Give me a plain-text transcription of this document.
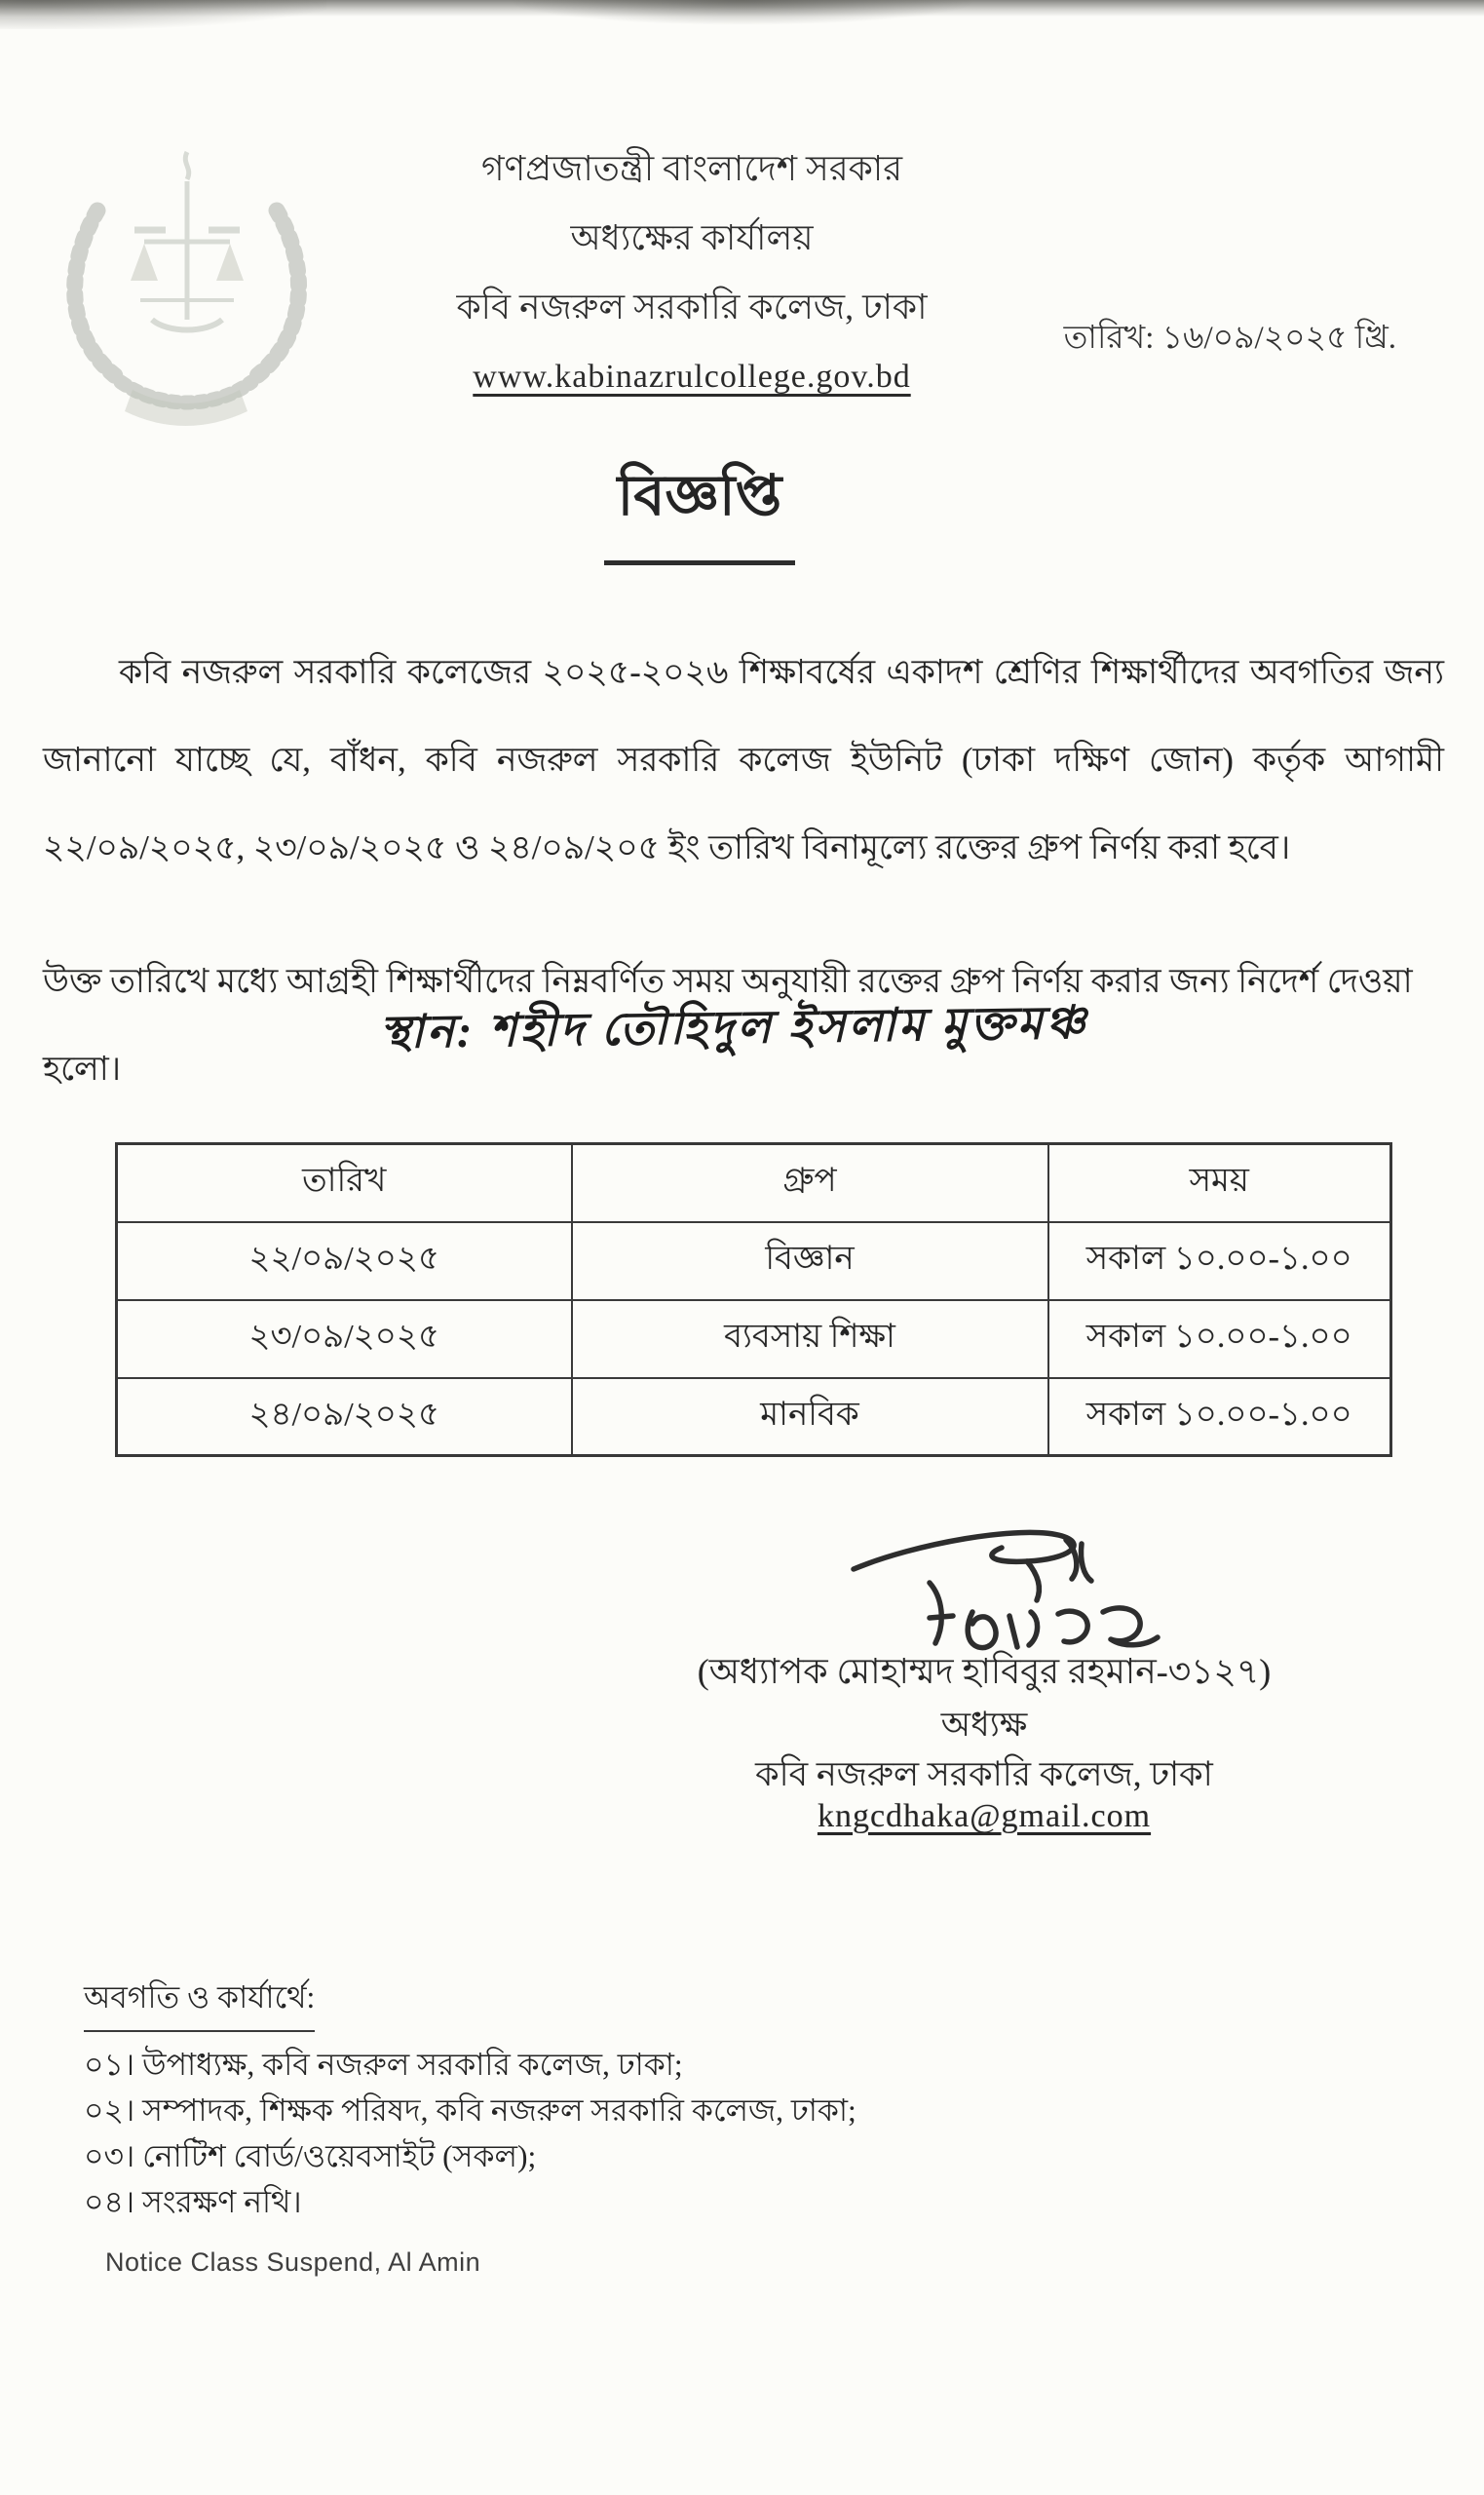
গণপ্রজাতন্ত্রী বাংলাদেশ সরকার
অধ্যক্ষের কার্যালয়
কবি নজরুল সরকারি কলেজ, ঢাকা
www.kabinazrulcollege.gov.bd
তারিখ: ১৬/০৯/২০২৫ খ্রি.
বিজ্ঞপ্তি
কবি নজরুল সরকারি কলেজের ২০২৫-২০২৬ শিক্ষাবর্ষের একাদশ শ্রেণির শিক্ষার্থীদের অবগতির জন্য জানানো যাচ্ছে যে, বাঁধন, কবি নজরুল সরকারি কলেজ ইউনিট (ঢাকা দক্ষিণ জোন) কর্তৃক আগামী ২২/০৯/২০২৫, ২৩/০৯/২০২৫ ও ২৪/০৯/২০৫ ইং তারিখ বিনামূল্যে রক্তের গ্রুপ নির্ণয় করা হবে।
উক্ত তারিখে মধ্যে আগ্রহী শিক্ষার্থীদের নিম্নবর্ণিত সময় অনুযায়ী রক্তের গ্রুপ নির্ণয় করার জন্য নিদের্শ দেওয়া হলো।
স্থান: শহীদ তৌহিদুল ইসলাম মুক্তমঞ্চ
তারিখ	গ্রুপ	সময়
২২/০৯/২০২৫	বিজ্ঞান	সকাল ১০.০০-১.০০
২৩/০৯/২০২৫	ব্যবসায় শিক্ষা	সকাল ১০.০০-১.০০
২৪/০৯/২০২৫	মানবিক	সকাল ১০.০০-১.০০
(অধ্যাপক মোহাম্মদ হাবিবুর রহমান-৩১২৭)
অধ্যক্ষ
কবি নজরুল সরকারি কলেজ, ঢাকা
kngcdhaka@gmail.com
অবগতি ও কার্যার্থে:
০১। উপাধ্যক্ষ, কবি নজরুল সরকারি কলেজ, ঢাকা;
০২। সম্পাদক, শিক্ষক পরিষদ, কবি নজরুল সরকারি কলেজ, ঢাকা;
০৩। নোটিশ বোর্ড/ওয়েবসাইট (সকল);
০৪। সংরক্ষণ নথি।
Notice Class Suspend, Al Amin
